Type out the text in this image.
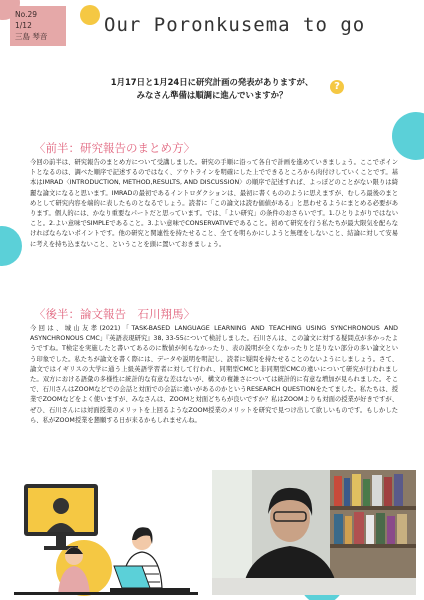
No.29
1/12
三島 琴音
Our Poronkusema to go
1月17日と1月24日に研究計画の発表がありますが、
みなさん準備は順調に進んでいますか？
?
〈前半：研究報告のまとめ方〉
今回の前半は、研究報告のまとめ方について受講しました。研究の手順に沿って各自で計画を進めていきましょう。ここでポイントとなるのは、調べた順序で記述するのではなく、アウトラインを明確にした上でできるところから肉付けしていくことです。基本はIMRAD〈INTRODUCTION, METHOD,RESULTS, AND DISCUSSION〉の順序で記述すれば、よっぽどのことがない限りは綺麗な論文になると思います。IMRADの最初であるイントロダクションは、最初に書くもののように思えますが、むしろ最後のまとめとして研究内容を端的に表したものとなるでしょう。読者に「この論文は読む価値がある」と思わせるようにまとめる必要があります。個人的には、かなり重要なパートだと思っています。では、「よい研究」の条件のおさらいです。1.ひとりよがりではないこと。2.よい意味でSIMPLEであること。3.よい意味でCONSERVATIVEであること。初めて研究を行う私たちが最大限気を配らなければならないポイントです。他の研究と関連性を持たせること、全てを明らかにしようと無理をしないこと、結論に対して安易に考えを持ち込まないこと、ということを頭に置いておきましょう。
〈後半：論文報告　石川翔馬〉
今回は、城山友孝(2021)「TASK-BASED LANGUAGE LEARNING AND TEACHING USING SYNCHRONOUS AND ASYNCHRONOUS CMC」『英語表現研究』38, 33-55について検討しました。石川さんは、この論文に対する疑問点が多かったようですね。T検定を実施したと書いてあるのに数値が何もなかったり、表の説明が全くなかったりと足りない部分の多い論文という印象でした。私たちが論文を書く際には、データや説明を明記し、読者に疑問を持たせることのないようにしましょう。さて、論文ではイギリスの大学に通う上級英語学習者に対して行われ、同期型CMCと非同期型CMCの違いについて研究が行われました。双方における語彙の多様性に統計的な有意な差はないが、構文の複雑さについては統計的に有意な増加が見られました。そこで、石川さんはZOOMなどでの会話と対面での会話に違いがあるのかというRESEARCH QUESTIONをたてました。私たちは、授業でZOOMなどをよく使いますが、みなさんは、ZOOMと対面どちらが良いですか？私はZOOMよりも対面の授業が好きですが、ぜひ、石川さんには対面授業のメリットを上回るようなZOOM授業のメリットを研究で見つけ出して欲しいものです。もしかしたら、私がZOOM授業を懇願する日が来るかもしれませんね。
